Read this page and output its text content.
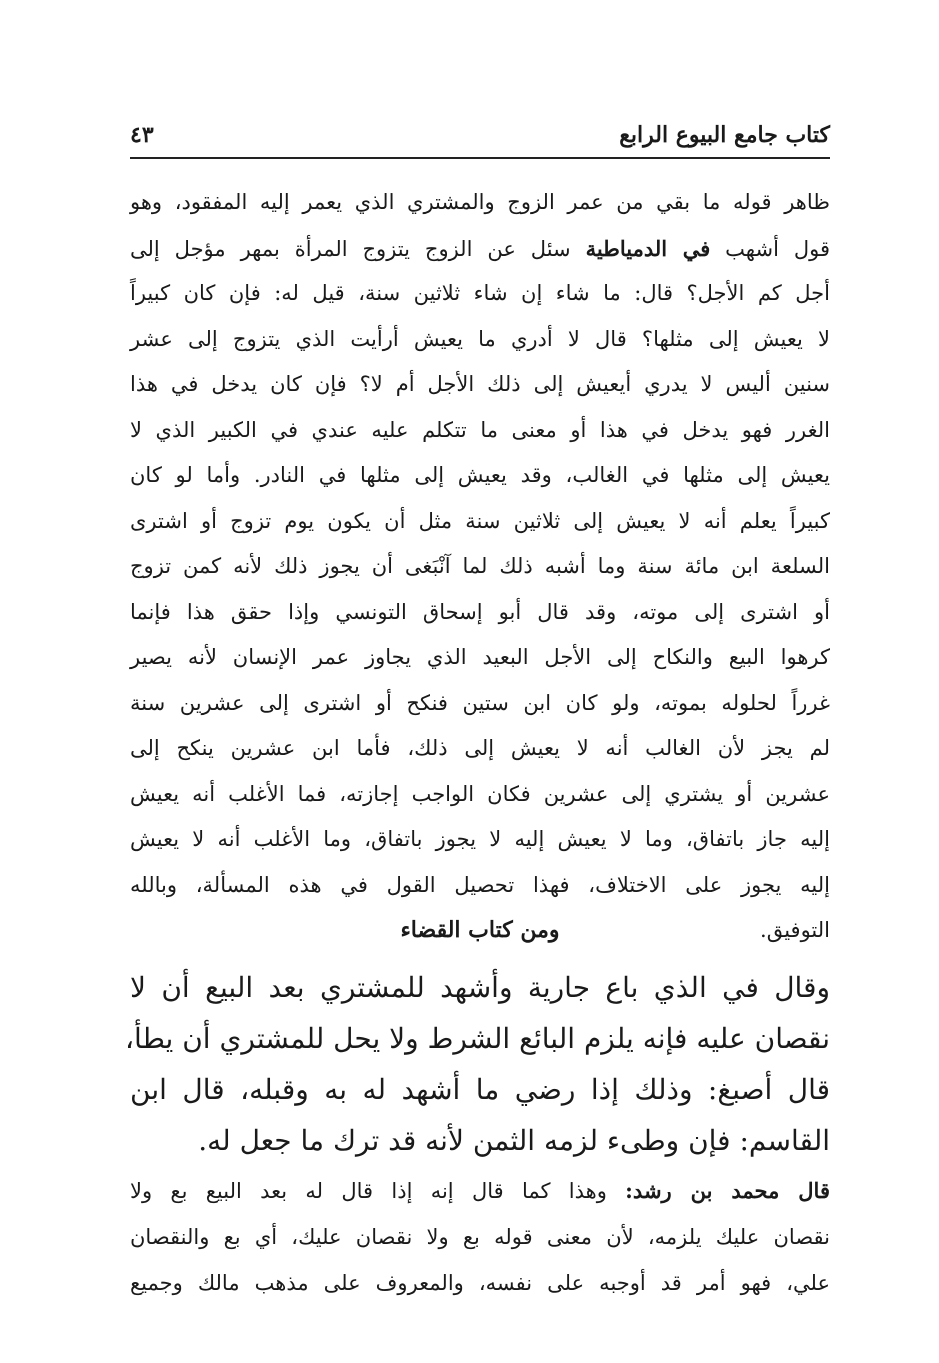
كتاب جامع البيوع الرابع
٤٣
ظاهر قوله ما بقي من عمر الزوج والمشتري الذي يعمر إليه المفقود، وهو
قول أشهب في الدمياطية سئل عن الزوج يتزوج المرأة بمهر مؤجل إلى
أجل كم الأجل؟ قال: ما شاء إن شاء ثلاثين سنة، قيل له: فإن كان كبيراً
لا يعيش إلى مثلها؟ قال لا أدري ما يعيش أرأيت الذي يتزوج إلى عشر
سنين أليس لا يدري أيعيش إلى ذلك الأجل أم لا؟ فإن كان يدخل في هذا
الغرر فهو يدخل في هذا أو معنى ما تتكلم عليه عندي في الكبير الذي لا
يعيش إلى مثلها في الغالب، وقد يعيش إلى مثلها في النادر. وأما لو كان
كبيراً يعلم أنه لا يعيش إلى ثلاثين سنة مثل أن يكون يوم تزوج أو اشترى
السلعة ابن مائة سنة وما أشبه ذلك لما آنْبَغى أن يجوز ذلك لأنه كمن تزوج
أو اشترى إلى موته، وقد قال أبو إسحاق التونسي وإذا حقق هذا فإنما
كرهوا البيع والنكاح إلى الأجل البعيد الذي يجاوز عمر الإنسان لأنه يصير
غرراً لحلوله بموته، ولو كان ابن ستين فنكح أو اشترى إلى عشرين سنة
لم يجز لأن الغالب أنه لا يعيش إلى ذلك، فأما ابن عشرين ينكح إلى
عشرين أو يشتري إلى عشرين فكان الواجب إجازته، فما الأغلب أنه يعيش
إليه جاز باتفاق، وما لا يعيش إليه لا يجوز باتفاق، وما الأغلب أنه لا يعيش
إليه يجوز على الاختلاف، فهذا تحصيل القول في هذه المسألة، وبالله
التوفيق.
ومن كتاب القضاء
وقال في الذي باع جارية وأشهد للمشتري بعد البيع أن لا
نقصان عليه فإنه يلزم البائع الشرط ولا يحل للمشتري أن يطأ،
قال أصبغ: وذلك إذا رضي ما أشهد له به وقبله، قال ابن
القاسم: فإن وطىء لزمه الثمن لأنه قد ترك ما جعل له.
قال محمد بن رشد: وهذا كما قال إنه إذا قال له بعد البيع بع ولا
نقصان عليك يلزمه، لأن معنى قوله بع ولا نقصان عليك، أي بع والنقصان
علي، فهو أمر قد أوجبه على نفسه، والمعروف على مذهب مالك وجميع
